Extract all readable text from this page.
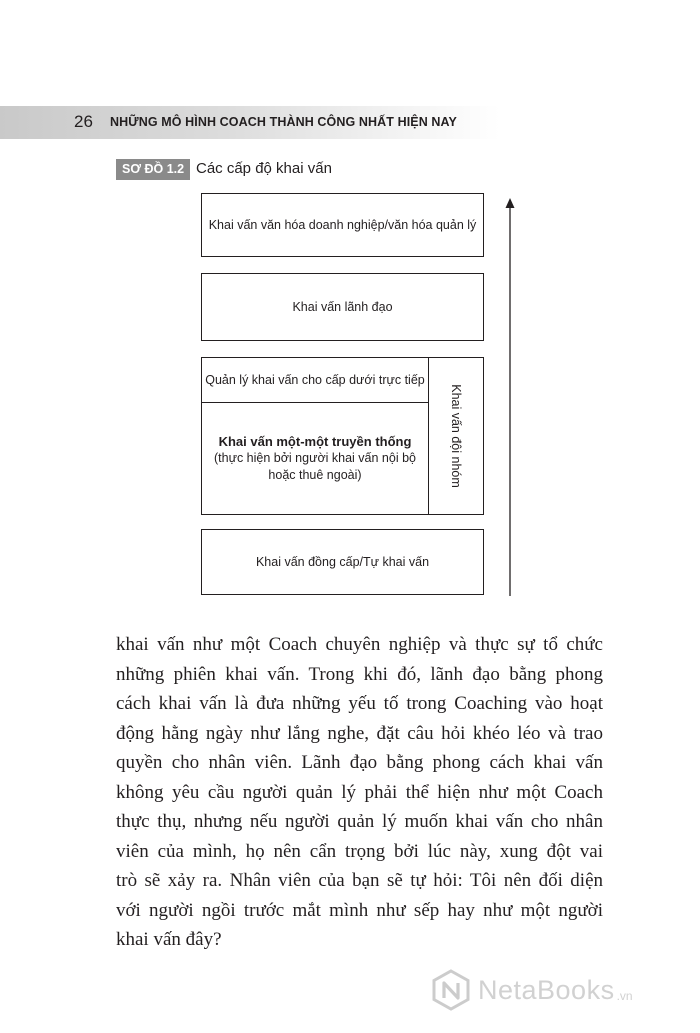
26 NHỮNG MÔ HÌNH COACH THÀNH CÔNG NHẤT HIỆN NAY
SƠ ĐỒ 1.2 Các cấp độ khai vấn
Khai vấn văn hóa doanh nghiệp/văn hóa quản lý
Khai vấn lãnh đạo
Quản lý khai vấn cho cấp dưới trực tiếp
Khai vấn một-một truyền thống
(thực hiện bởi người khai vấn nội bộ
hoặc thuê ngoài)	Khai vấn đội nhóm
Khai vấn đồng cấp/Tự khai vấn
khai vấn như một Coach chuyên nghiệp và thực sự tổ chức
những phiên khai vấn. Trong khi đó, lãnh đạo bằng phong
cách khai vấn là đưa những yếu tố trong Coaching vào hoạt
động hằng ngày như lắng nghe, đặt câu hỏi khéo léo và trao
quyền cho nhân viên. Lãnh đạo bằng phong cách khai vấn
không yêu cầu người quản lý phải thể hiện như một Coach
thực thụ, nhưng nếu người quản lý muốn khai vấn cho nhân
viên của mình, họ nên cẩn trọng bởi lúc này, xung đột vai
trò sẽ xảy ra. Nhân viên của bạn sẽ tự hỏi: Tôi nên đối diện
với người ngồi trước mắt mình như sếp hay như một người
khai vấn đây?
NetaBooks .vn
